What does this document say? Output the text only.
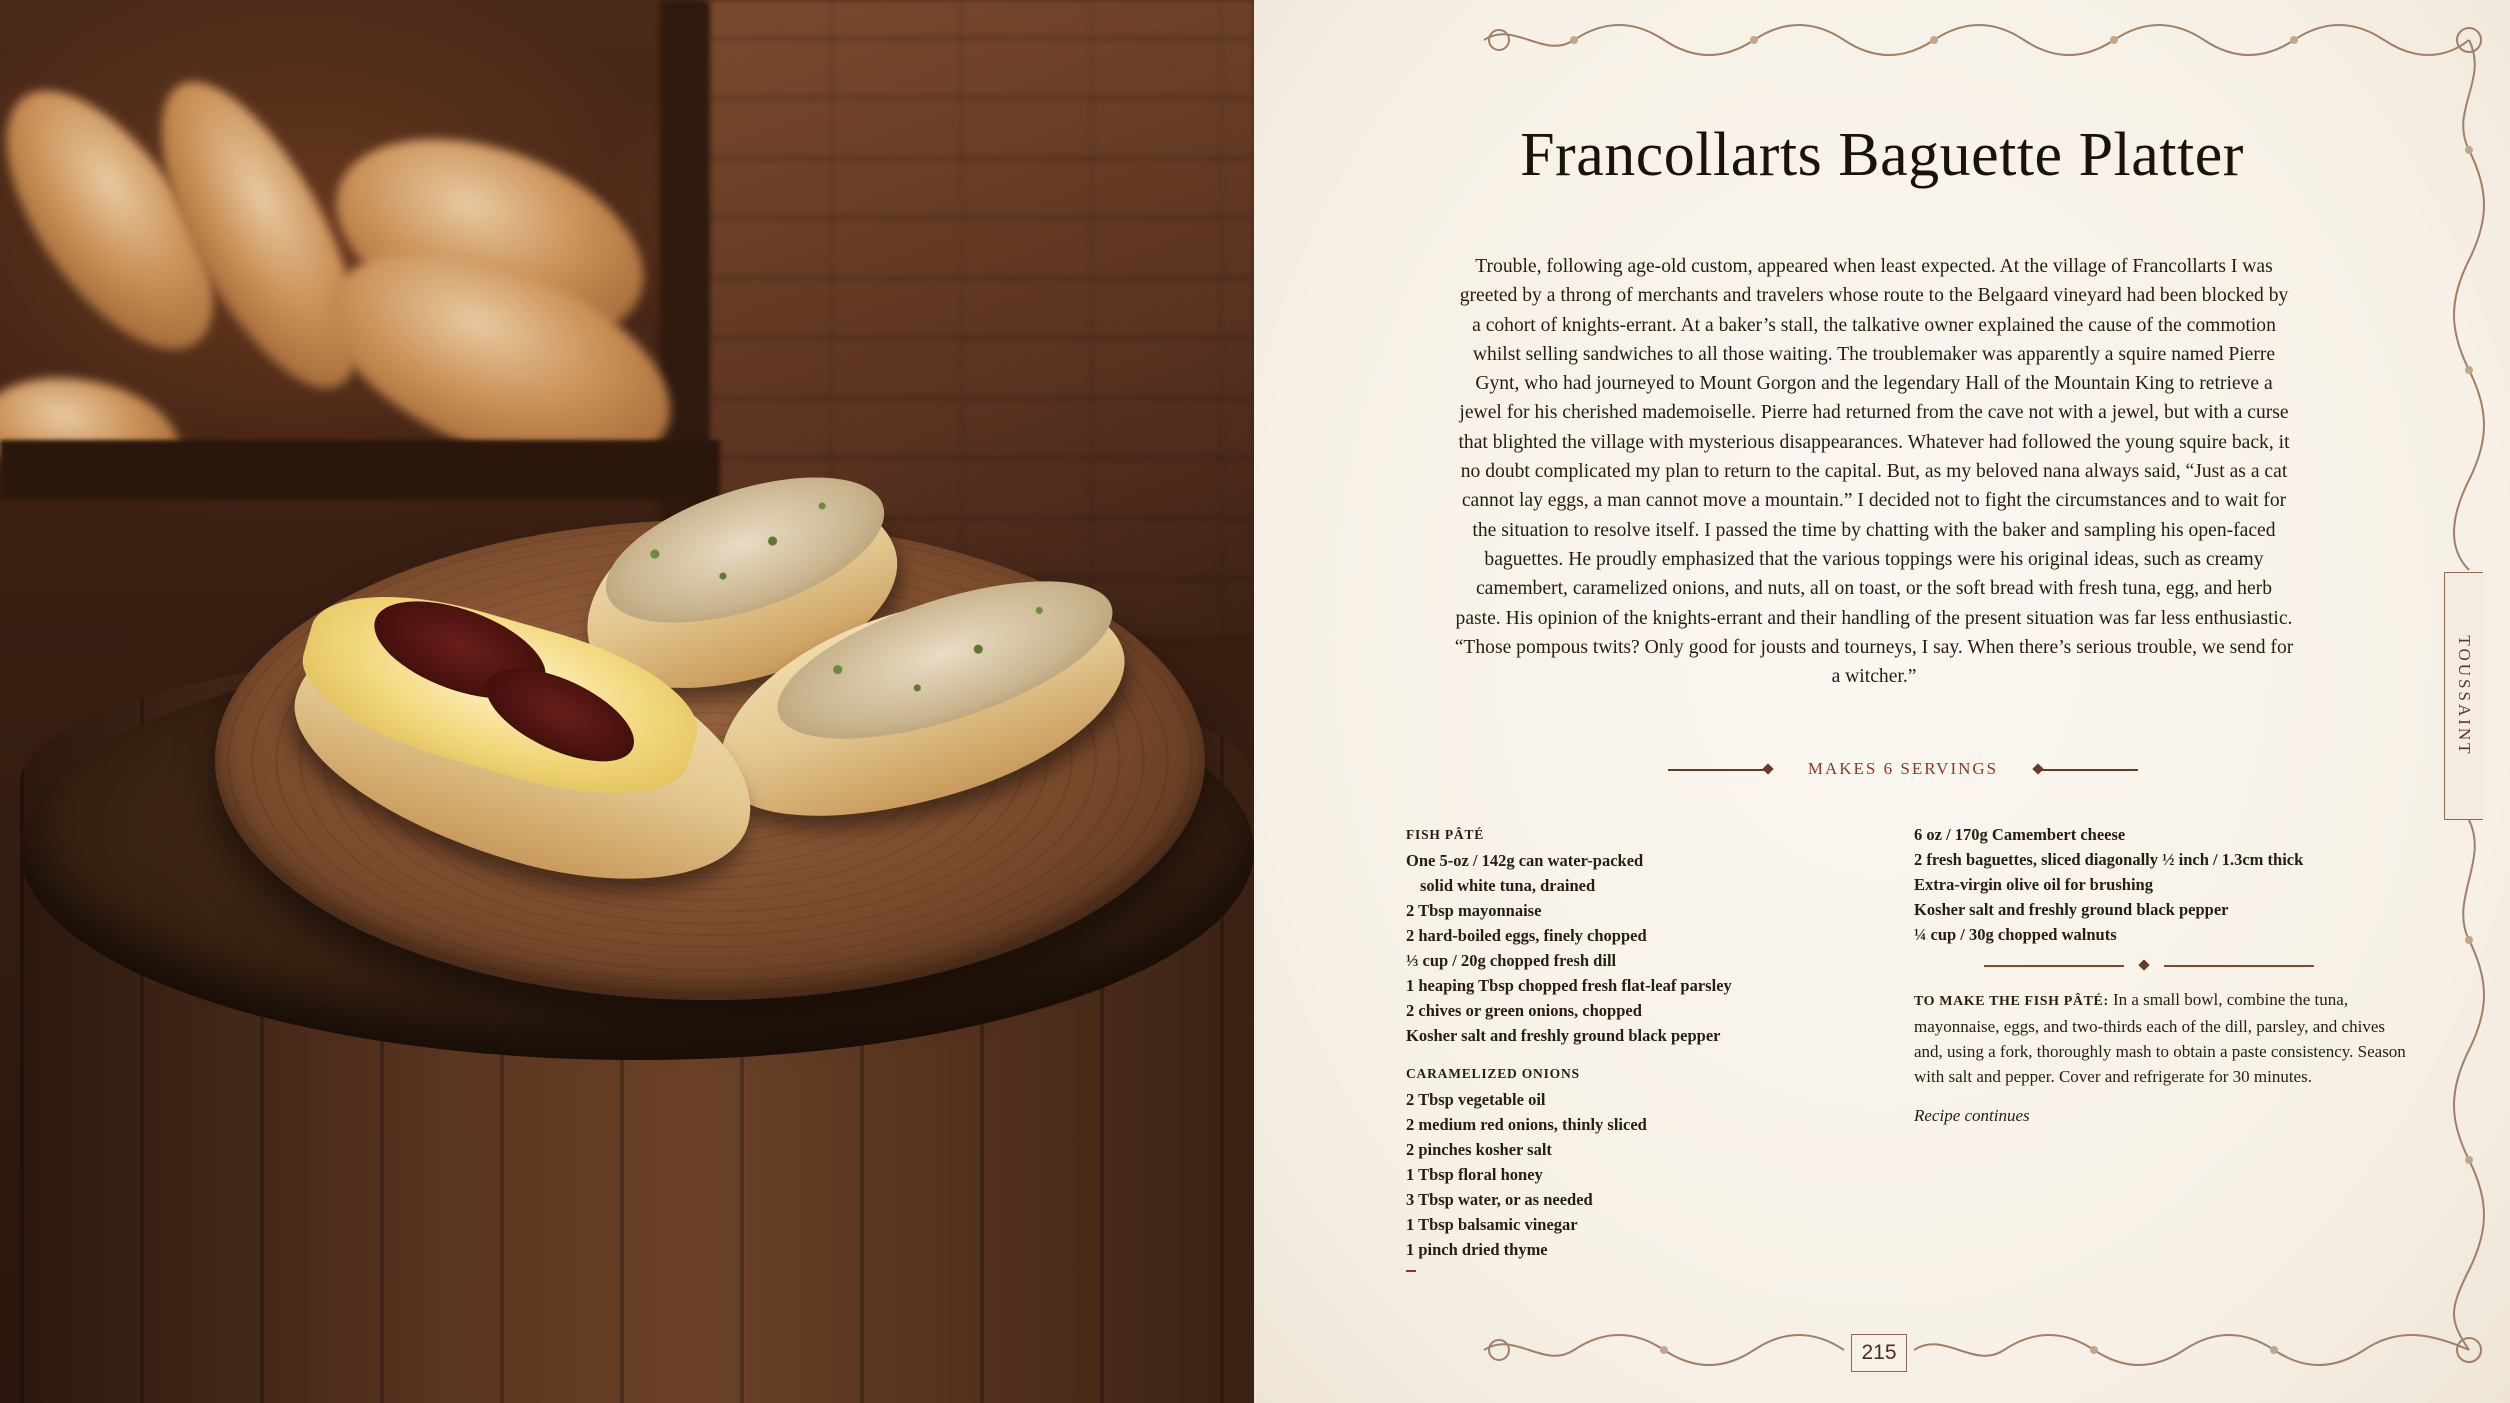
Francollarts Baguette Platter
Trouble, following age-old custom, appeared when least expected. At the village of Francollarts I was greeted by a throng of merchants and travelers whose route to the Belgaard vineyard had been blocked by a cohort of knights-errant. At a baker’s stall, the talkative owner explained the cause of the commotion whilst selling sandwiches to all those waiting. The troublemaker was apparently a squire named Pierre Gynt, who had journeyed to Mount Gorgon and the legendary Hall of the Mountain King to retrieve a jewel for his cherished mademoiselle. Pierre had returned from the cave not with a jewel, but with a curse that blighted the village with mysterious disappearances. Whatever had followed the young squire back, it no doubt complicated my plan to return to the capital. But, as my beloved nana always said, “Just as a cat cannot lay eggs, a man cannot move a mountain.” I decided not to fight the circumstances and to wait for the situation to resolve itself. I passed the time by chatting with the baker and sampling his open-faced baguettes. He proudly emphasized that the various toppings were his original ideas, such as creamy camembert, caramelized onions, and nuts, all on toast, or the soft bread with fresh tuna, egg, and herb paste. His opinion of the knights-errant and their handling of the present situation was far less enthusiastic. “Those pompous twits? Only good for jousts and tourneys, I say. When there’s serious trouble, we send for a witcher.”
MAKES 6 SERVINGS
FISH PÂTÉ
One 5-oz / 142g can water-packed
solid white tuna, drained
2 Tbsp mayonnaise
2 hard-boiled eggs, finely chopped
⅓ cup / 20g chopped fresh dill
1 heaping Tbsp chopped fresh flat-leaf parsley
2 chives or green onions, chopped
Kosher salt and freshly ground black pepper
CARAMELIZED ONIONS
2 Tbsp vegetable oil
2 medium red onions, thinly sliced
2 pinches kosher salt
1 Tbsp floral honey
3 Tbsp water, or as needed
1 Tbsp balsamic vinegar
1 pinch dried thyme
6 oz / 170g Camembert cheese
2 fresh baguettes, sliced diagonally ½ inch / 1.3cm thick
Extra-virgin olive oil for brushing
Kosher salt and freshly ground black pepper
¼ cup / 30g chopped walnuts
TO MAKE THE FISH PÂTÉ: In a small bowl, combine the tuna, mayonnaise, eggs, and two-thirds each of the dill, parsley, and chives and, using a fork, thoroughly mash to obtain a paste consistency. Season with salt and pepper. Cover and refrigerate for 30 minutes.
Recipe continues
TOUSSAINT
215
